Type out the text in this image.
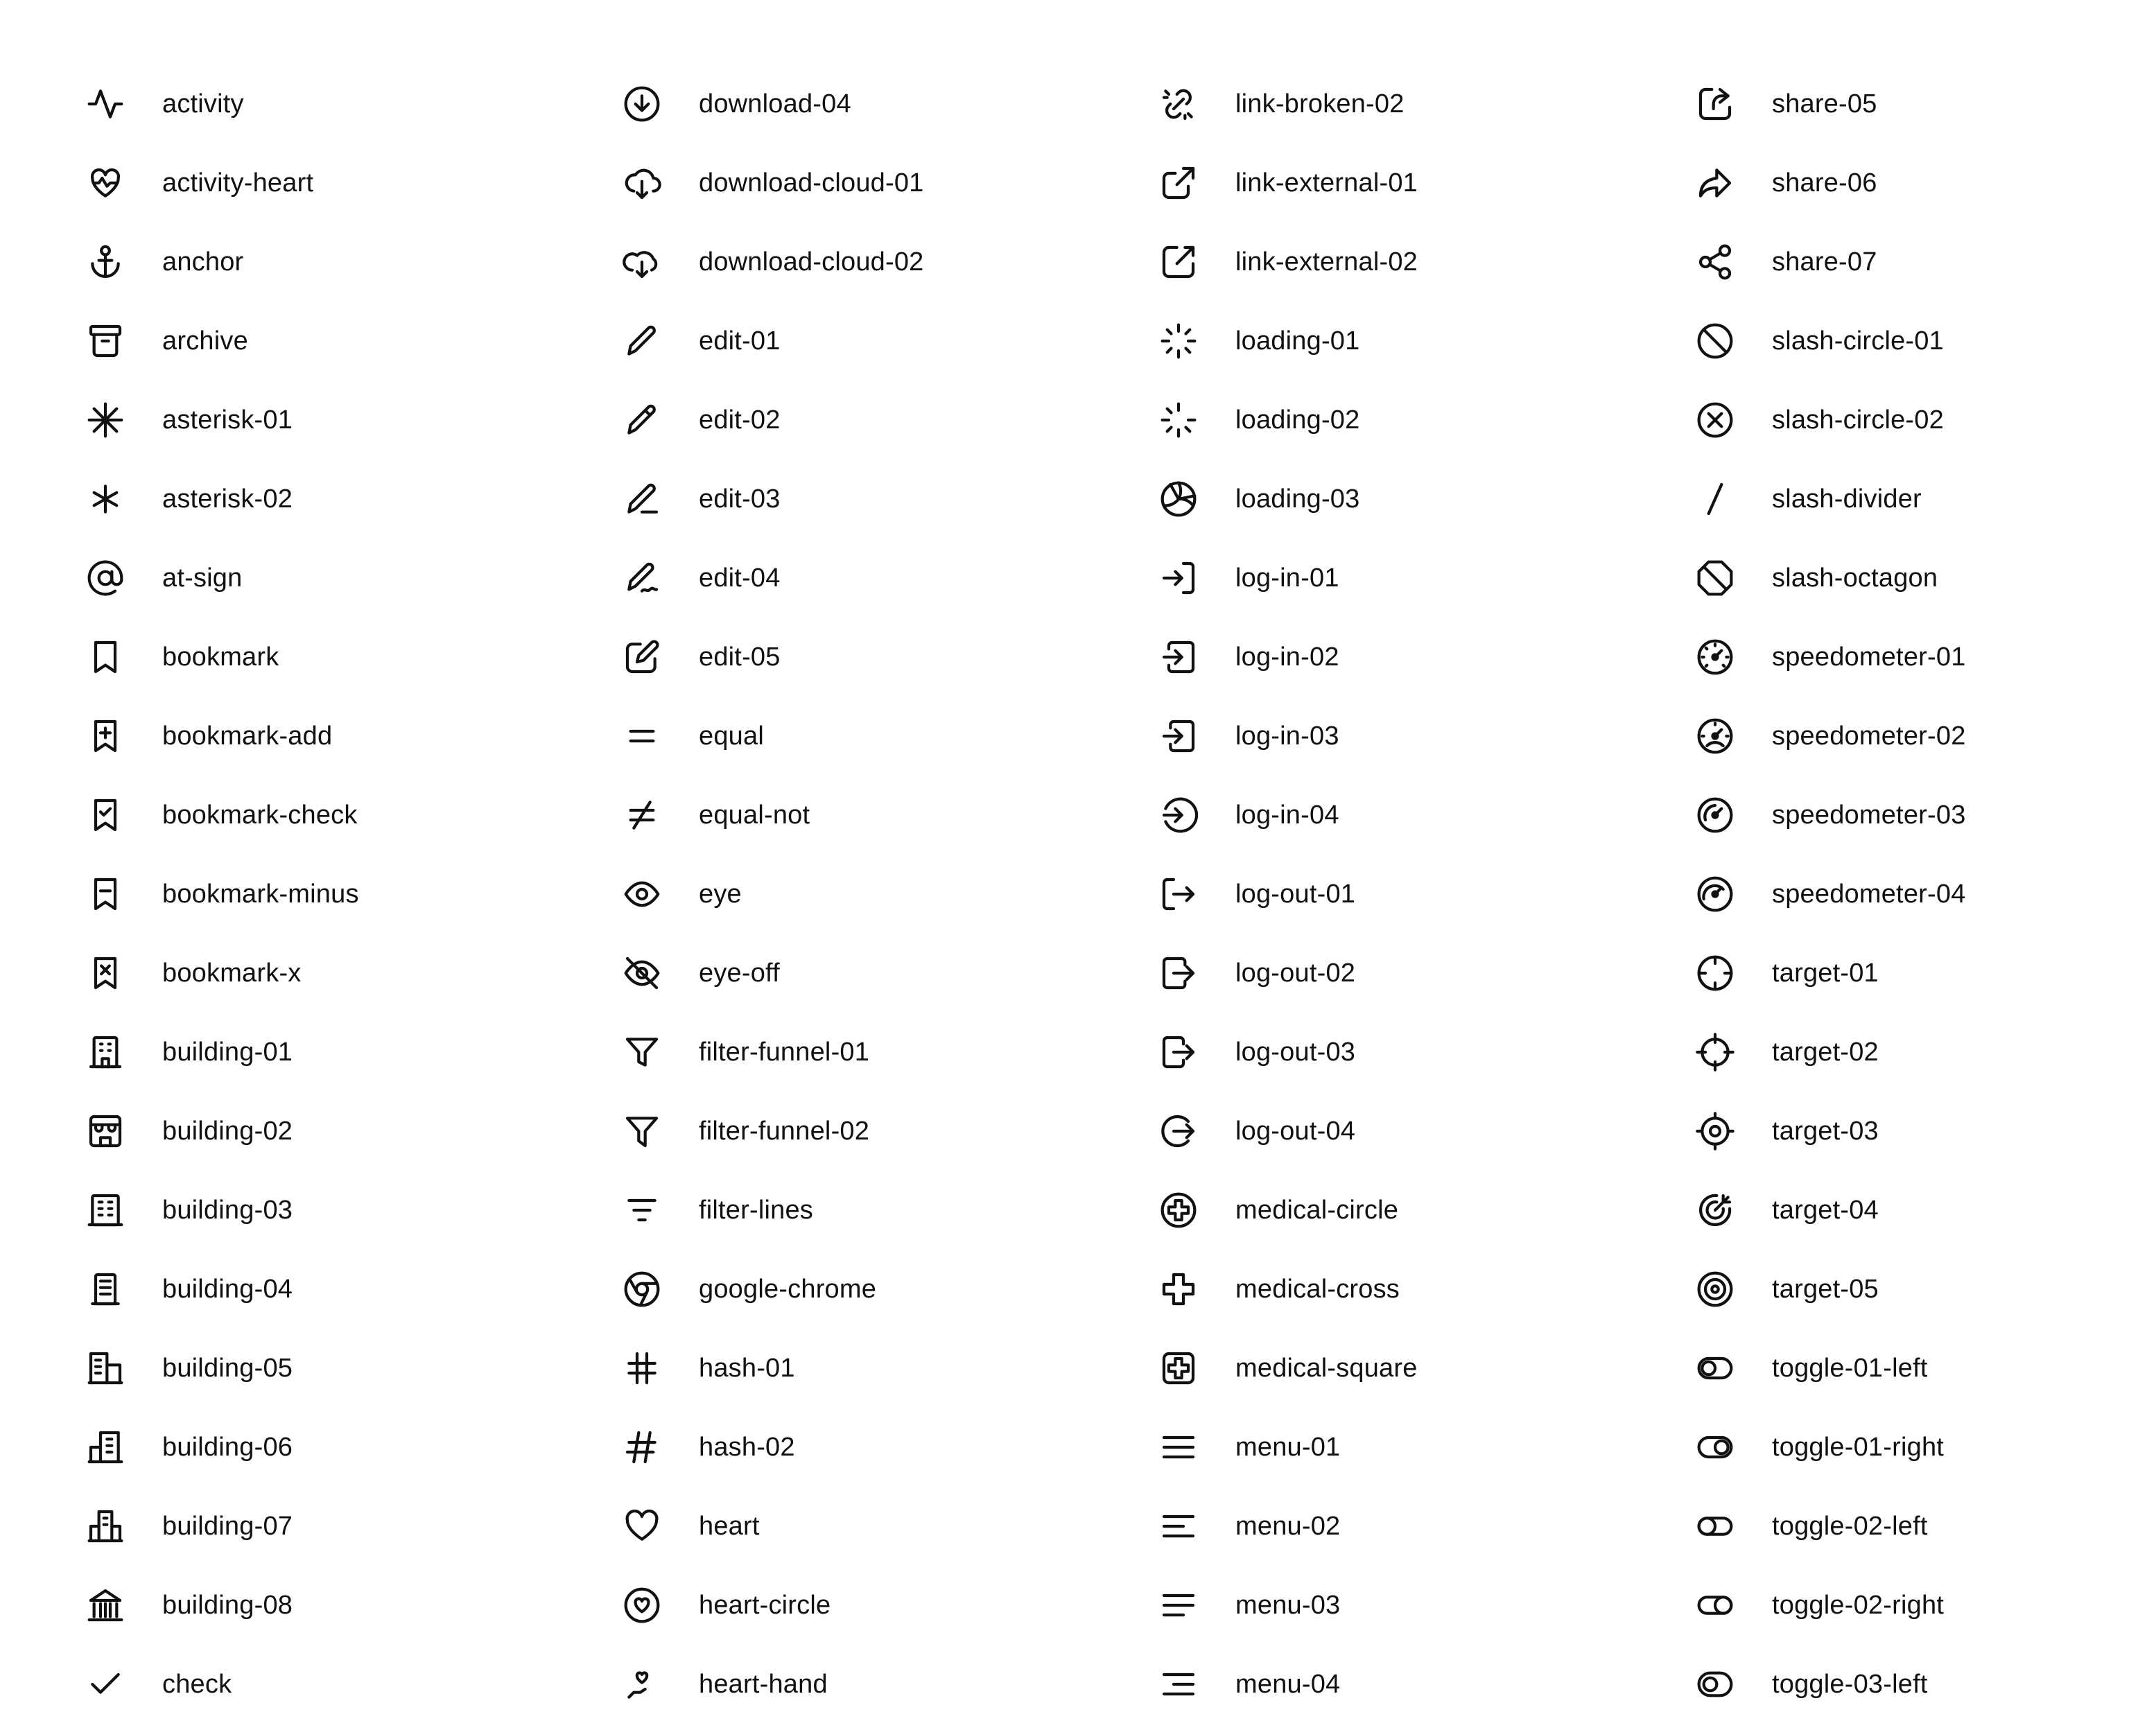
activity
activity-heart
anchor
archive
asterisk-01
asterisk-02
at-sign
bookmark
bookmark-add
bookmark-check
bookmark-minus
bookmark-x
building-01
building-02
building-03
building-04
building-05
building-06
building-07
building-08
check
download-04
download-cloud-01
download-cloud-02
edit-01
edit-02
edit-03
edit-04
edit-05
equal
equal-not
eye
eye-off
filter-funnel-01
filter-funnel-02
filter-lines
google-chrome
hash-01
hash-02
heart
heart-circle
heart-hand
link-broken-02
link-external-01
link-external-02
loading-01
loading-02
loading-03
log-in-01
log-in-02
log-in-03
log-in-04
log-out-01
log-out-02
log-out-03
log-out-04
medical-circle
medical-cross
medical-square
menu-01
menu-02
menu-03
menu-04
share-05
share-06
share-07
slash-circle-01
slash-circle-02
slash-divider
slash-octagon
speedometer-01
speedometer-02
speedometer-03
speedometer-04
target-01
target-02
target-03
target-04
target-05
toggle-01-left
toggle-01-right
toggle-02-left
toggle-02-right
toggle-03-left
